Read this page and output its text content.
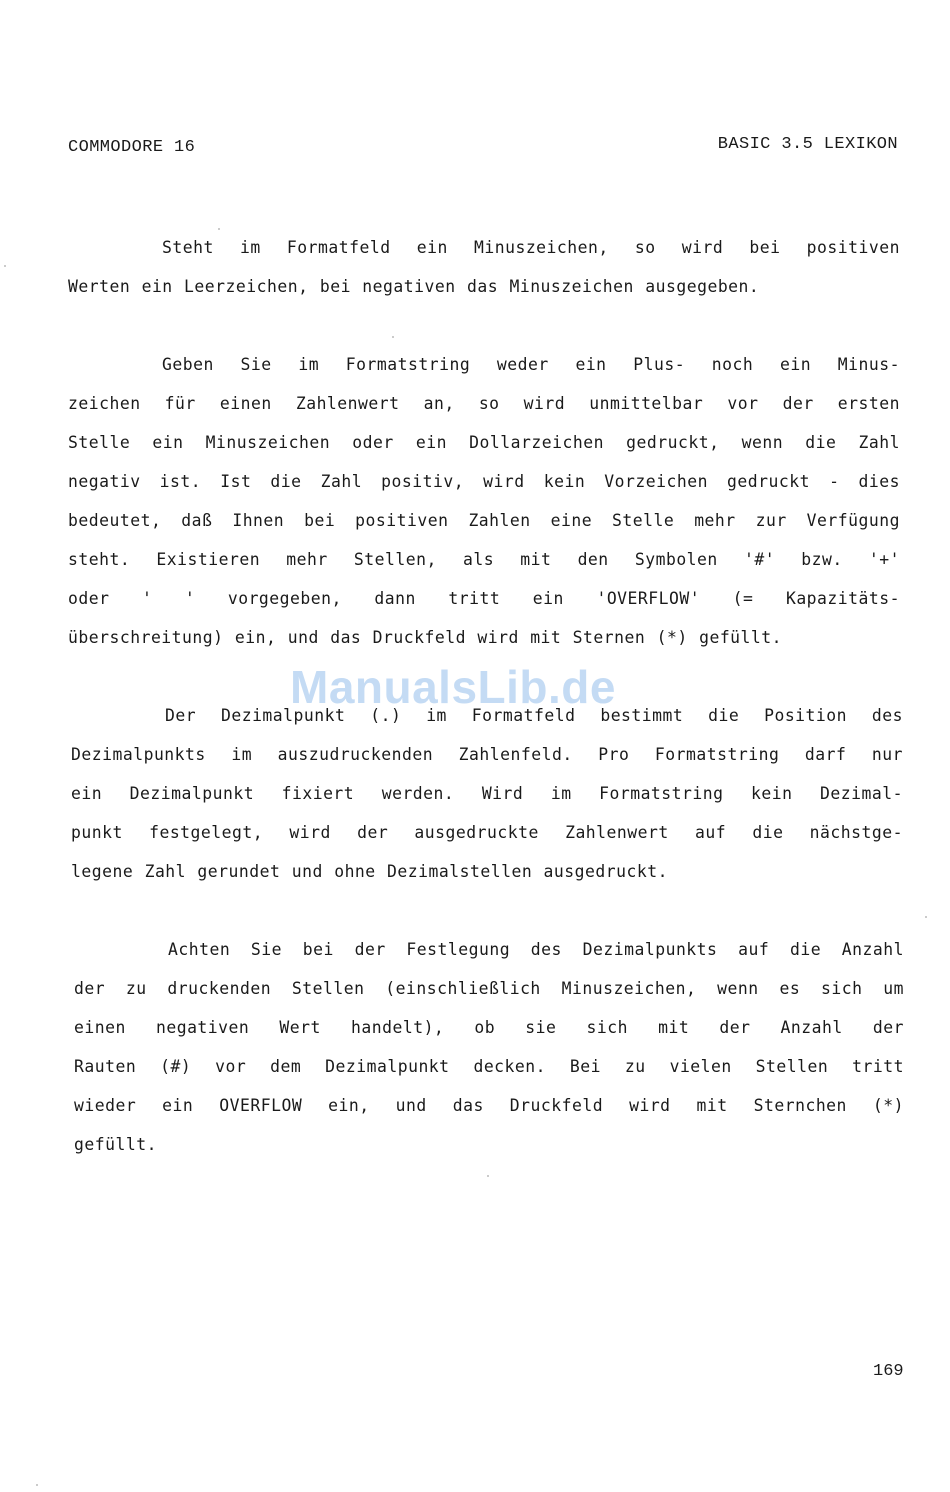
COMMODORE 16	BASIC 3.5 LEXIKON
Steht im Formatfeld ein Minuszeichen, so wird bei positiven
Werten ein Leerzeichen, bei negativen das Minuszeichen ausgegeben.
Geben Sie im Formatstring weder ein Plus- noch ein Minus-
zeichen für einen Zahlenwert an, so wird unmittelbar vor der ersten
Stelle ein Minuszeichen oder ein Dollarzeichen gedruckt, wenn die Zahl
negativ ist. Ist die Zahl positiv, wird kein Vorzeichen gedruckt - dies
bedeutet, daß Ihnen bei positiven Zahlen eine Stelle mehr zur Verfügung
steht. Existieren mehr Stellen, als mit den Symbolen '#' bzw. '+'
oder ' ' vorgegeben, dann tritt ein 'OVERFLOW' (= Kapazitäts-
überschreitung) ein, und das Druckfeld wird mit Sternen (*) gefüllt.
Der Dezimalpunkt (.) im Formatfeld bestimmt die Position des
Dezimalpunkts im auszudruckenden Zahlenfeld. Pro Formatstring darf nur
ein Dezimalpunkt fixiert werden. Wird im Formatstring kein Dezimal-
punkt festgelegt, wird der ausgedruckte Zahlenwert auf die nächstge-
legene Zahl gerundet und ohne Dezimalstellen ausgedruckt.
Achten Sie bei der Festlegung des Dezimalpunkts auf die Anzahl
der zu druckenden Stellen (einschließlich Minuszeichen, wenn es sich um
einen negativen Wert handelt), ob sie sich mit der Anzahl der
Rauten (#) vor dem Dezimalpunkt decken. Bei zu vielen Stellen tritt
wieder ein OVERFLOW ein, und das Druckfeld wird mit Sternchen (*)
gefüllt.
ManualsLib.de
169
